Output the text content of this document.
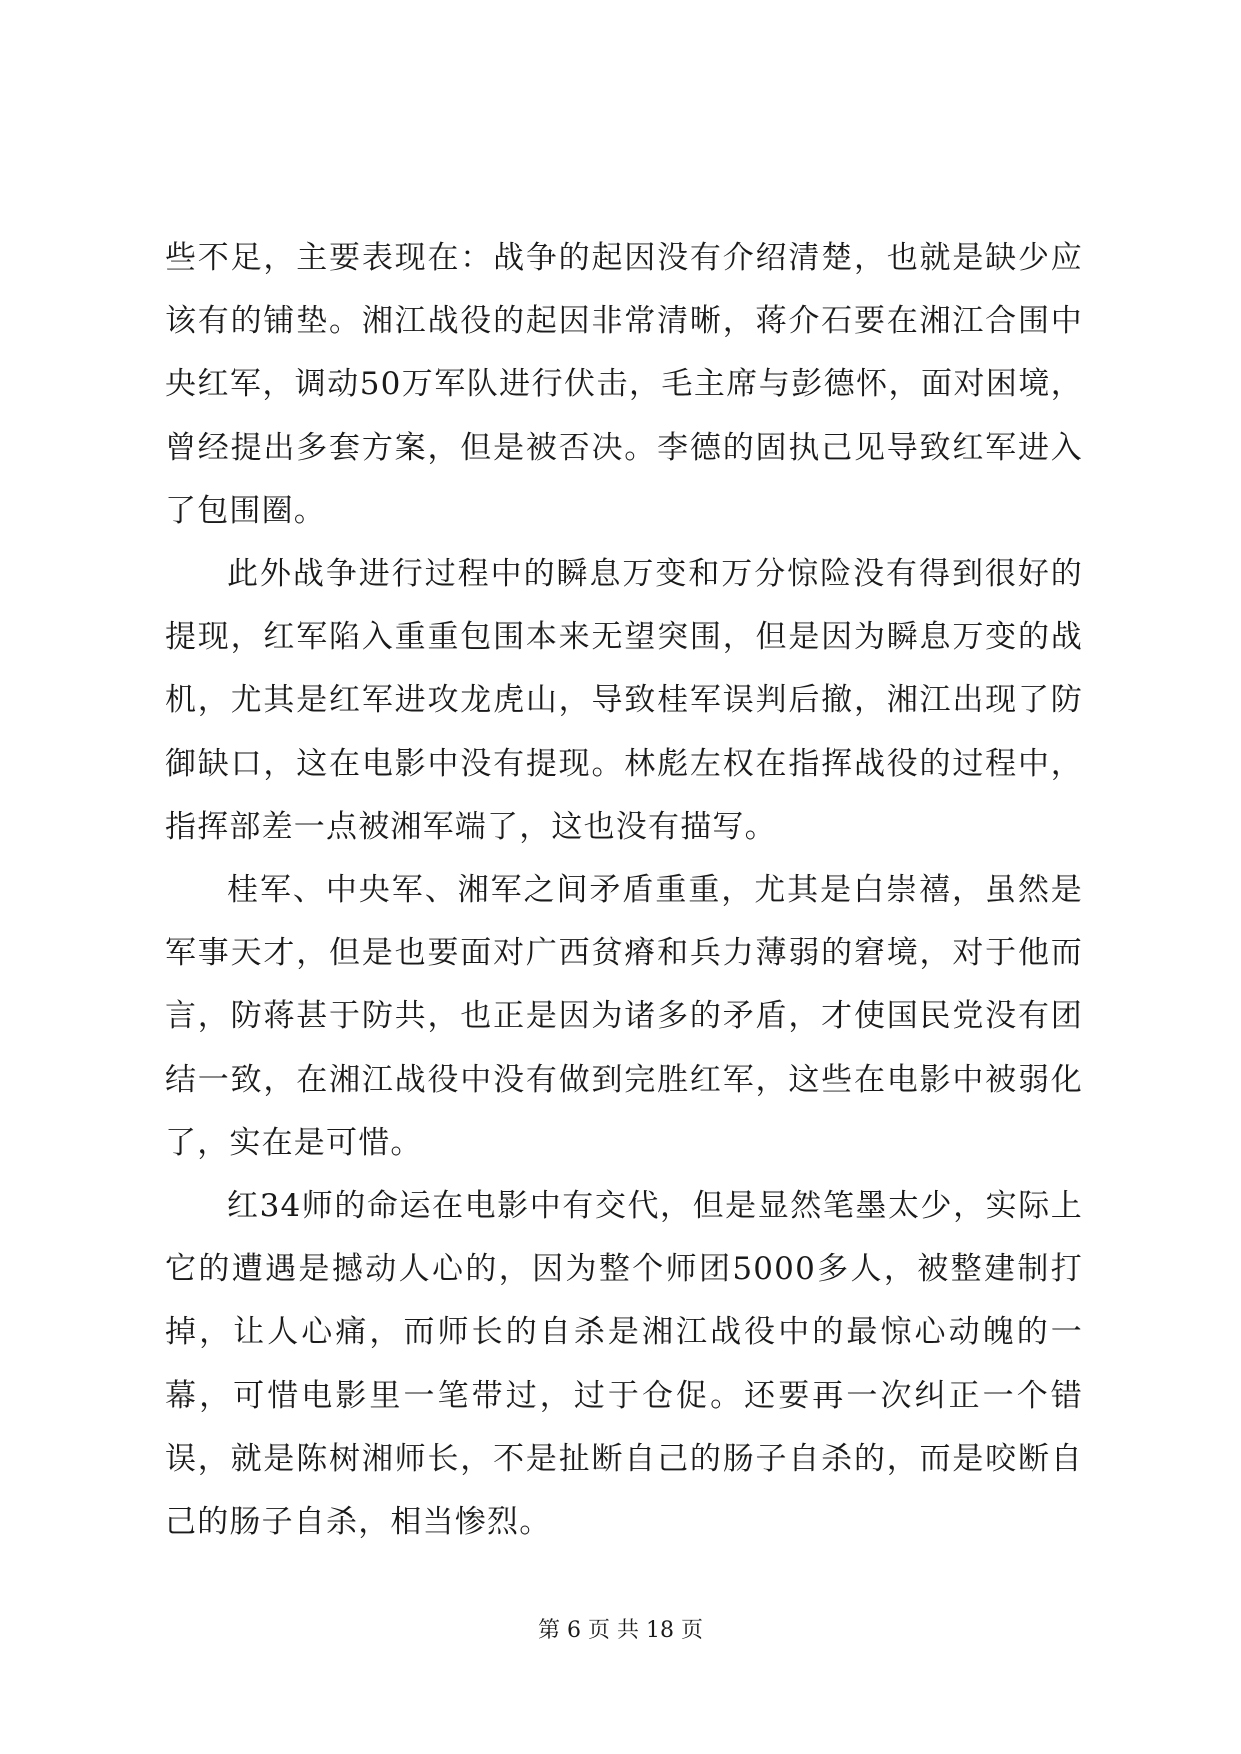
些不足，主要表现在：战争的起因没有介绍清楚，也就是缺少应该有的铺垫。湘江战役的起因非常清晰，蒋介石要在湘江合围中央红军，调动50万军队进行伏击，毛主席与彭德怀，面对困境，曾经提出多套方案，但是被否决。李德的固执己见导致红军进入了包围圈。

此外战争进行过程中的瞬息万变和万分惊险没有得到很好的提现，红军陷入重重包围本来无望突围，但是因为瞬息万变的战机，尤其是红军进攻龙虎山，导致桂军误判后撤，湘江出现了防御缺口，这在电影中没有提现。林彪左权在指挥战役的过程中，指挥部差一点被湘军端了，这也没有描写。

桂军、中央军、湘军之间矛盾重重，尤其是白崇禧，虽然是军事天才，但是也要面对广西贫瘠和兵力薄弱的窘境，对于他而言，防蒋甚于防共，也正是因为诸多的矛盾，才使国民党没有团结一致，在湘江战役中没有做到完胜红军，这些在电影中被弱化了，实在是可惜。

红34师的命运在电影中有交代，但是显然笔墨太少，实际上它的遭遇是撼动人心的，因为整个师团5000多人，被整建制打掉，让人心痛，而师长的自杀是湘江战役中的最惊心动魄的一幕，可惜电影里一笔带过，过于仓促。还要再一次纠正一个错误，就是陈树湘师长，不是扯断自己的肠子自杀的，而是咬断自己的肠子自杀，相当惨烈。

第 6 页 共 18 页
